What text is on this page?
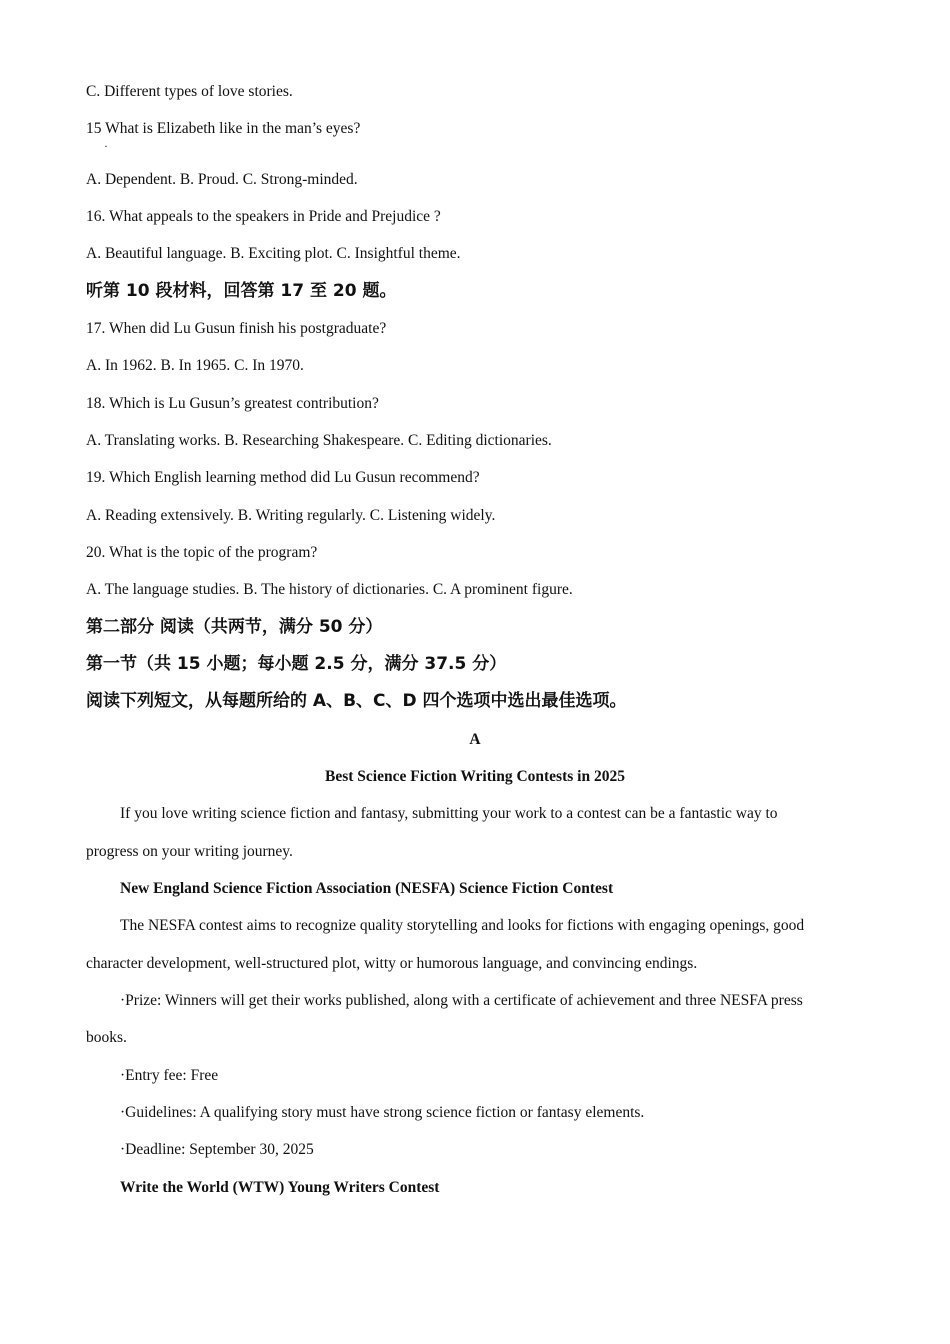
C. Different types of love stories.
15 What is Elizabeth like in the man’s eyes?
·
A. Dependent. B. Proud. C. Strong-minded.
16. What appeals to the speakers in Pride and Prejudice ?
A. Beautiful language. B. Exciting plot. C. Insightful theme.
听第 10 段材料，回答第 17 至 20 题。
17. When did Lu Gusun finish his postgraduate?
A. In 1962. B. In 1965. C. In 1970.
18. Which is Lu Gusun’s greatest contribution?
A. Translating works. B. Researching Shakespeare. C. Editing dictionaries.
19. Which English learning method did Lu Gusun recommend?
A. Reading extensively. B. Writing regularly. C. Listening widely.
20. What is the topic of the program?
A. The language studies. B. The history of dictionaries. C. A prominent figure.
第二部分 阅读（共两节，满分 50 分）
第一节（共 15 小题；每小题 2.5 分，满分 37.5 分）
阅读下列短文，从每题所给的 A、B、C、D 四个选项中选出最佳选项。
A
Best Science Fiction Writing Contests in 2025
If you love writing science fiction and fantasy, submitting your work to a contest can be a fantastic way to
progress on your writing journey.
New England Science Fiction Association (NESFA) Science Fiction Contest
The NESFA contest aims to recognize quality storytelling and looks for fictions with engaging openings, good
character development, well-structured plot, witty or humorous language, and convincing endings.
·Prize: Winners will get their works published, along with a certificate of achievement and three NESFA press
books.
·Entry fee: Free
·Guidelines: A qualifying story must have strong science fiction or fantasy elements.
·Deadline: September 30, 2025
Write the World (WTW) Young Writers Contest
